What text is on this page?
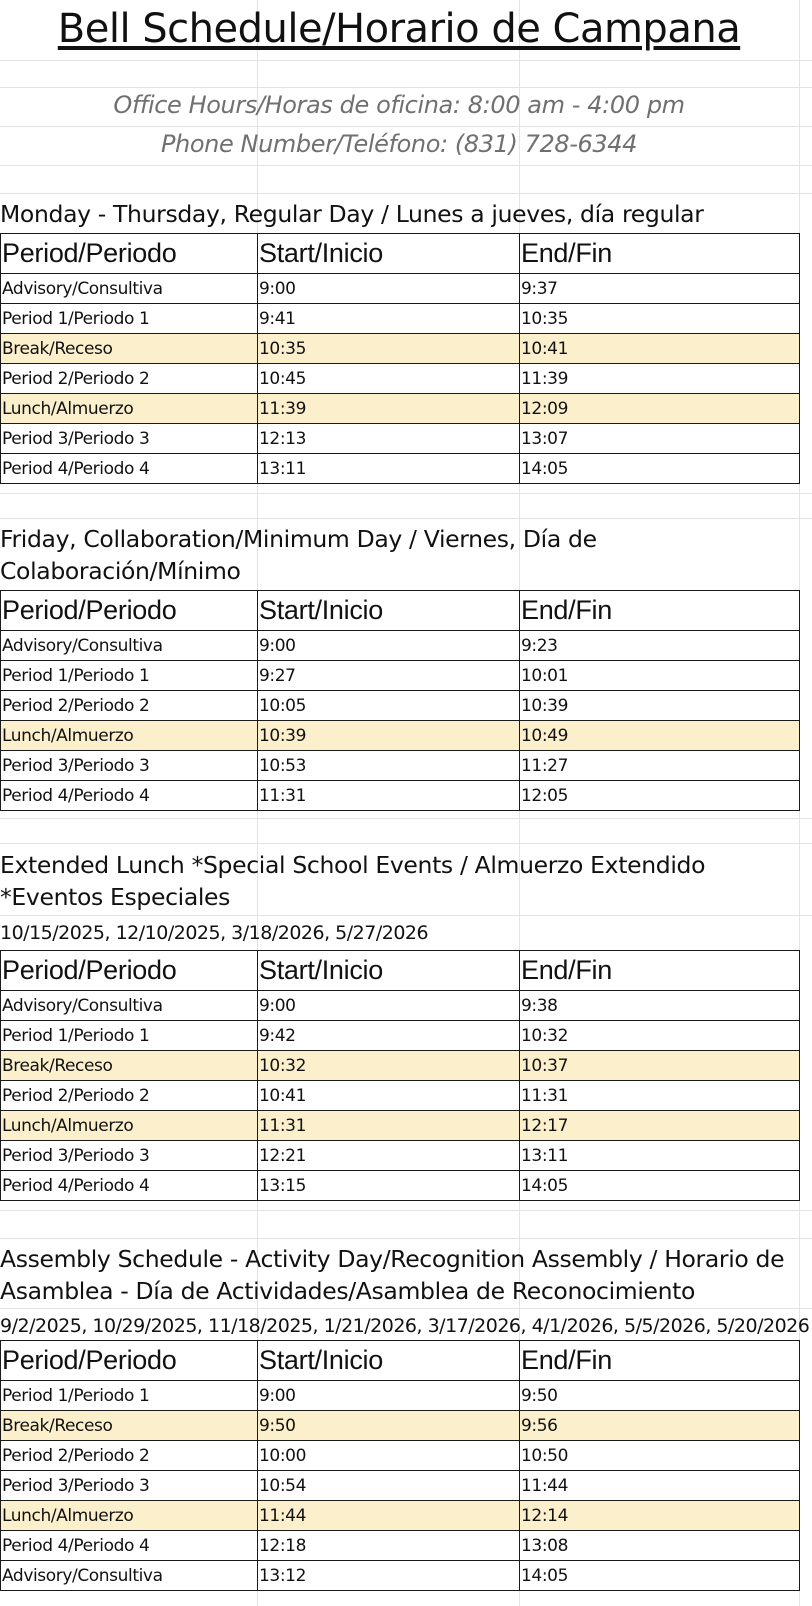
Bell Schedule/Horario de Campana
Office Hours/Horas de oficina: 8:00 am - 4:00 pm
Phone Number/Teléfono: (831) 728-6344
Monday - Thursday, Regular Day / Lunes a jueves, día regular
Period/Periodo	Start/Inicio	End/Fin
Advisory/Consultiva	9:00	9:37
Period 1/Periodo 1	9:41	10:35
Break/Receso	10:35	10:41
Period 2/Periodo 2	10:45	11:39
Lunch/Almuerzo	11:39	12:09
Period 3/Periodo 3	12:13	13:07
Period 4/Periodo 4	13:11	14:05
Friday, Collaboration/Minimum Day / Viernes, Día de Colaboración/Mínimo
Period/Periodo	Start/Inicio	End/Fin
Advisory/Consultiva	9:00	9:23
Period 1/Periodo 1	9:27	10:01
Period 2/Periodo 2	10:05	10:39
Lunch/Almuerzo	10:39	10:49
Period 3/Periodo 3	10:53	11:27
Period 4/Periodo 4	11:31	12:05
Extended Lunch *Special School Events / Almuerzo Extendido *Eventos Especiales
10/15/2025, 12/10/2025, 3/18/2026, 5/27/2026
Period/Periodo	Start/Inicio	End/Fin
Advisory/Consultiva	9:00	9:38
Period 1/Periodo 1	9:42	10:32
Break/Receso	10:32	10:37
Period 2/Periodo 2	10:41	11:31
Lunch/Almuerzo	11:31	12:17
Period 3/Periodo 3	12:21	13:11
Period 4/Periodo 4	13:15	14:05
Assembly Schedule - Activity Day/Recognition Assembly / Horario de Asamblea - Día de Actividades/Asamblea de Reconocimiento
9/2/2025, 10/29/2025, 11/18/2025, 1/21/2026, 3/17/2026, 4/1/2026, 5/5/2026, 5/20/2026
Period/Periodo	Start/Inicio	End/Fin
Period 1/Periodo 1	9:00	9:50
Break/Receso	9:50	9:56
Period 2/Periodo 2	10:00	10:50
Period 3/Periodo 3	10:54	11:44
Lunch/Almuerzo	11:44	12:14
Period 4/Periodo 4	12:18	13:08
Advisory/Consultiva	13:12	14:05
